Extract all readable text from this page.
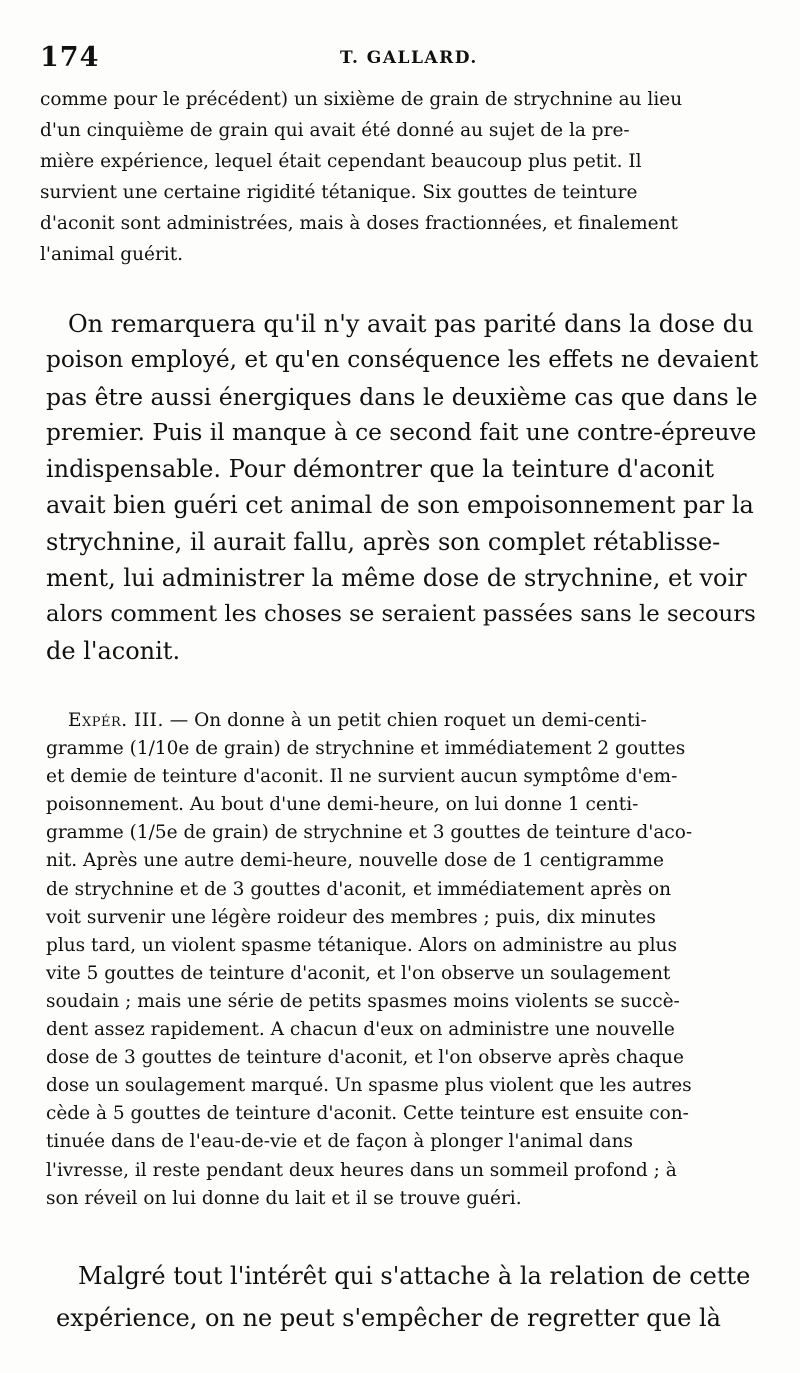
174	T. GALLARD.
comme pour le précédent) un sixième de grain de strychnine au lieu
d'un cinquième de grain qui avait été donné au sujet de la pre-
mière expérience, lequel était cependant beaucoup plus petit. Il
survient une certaine rigidité tétanique. Six gouttes de teinture
d'aconit sont administrées, mais à doses fractionnées, et finalement
l'animal guérit.
On remarquera qu'il n'y avait pas parité dans la dose du
poison employé, et qu'en conséquence les effets ne devaient
pas être aussi énergiques dans le deuxième cas que dans le
premier. Puis il manque à ce second fait une contre-épreuve
indispensable. Pour démontrer que la teinture d'aconit
avait bien guéri cet animal de son empoisonnement par la
strychnine, il aurait fallu, après son complet rétablisse-
ment, lui administrer la même dose de strychnine, et voir
alors comment les choses se seraient passées sans le secours
de l'aconit.
Expér. III. — On donne à un petit chien roquet un demi-centi-
gramme (1/10e de grain) de strychnine et immédiatement 2 gouttes
et demie de teinture d'aconit. Il ne survient aucun symptôme d'em-
poisonnement. Au bout d'une demi-heure, on lui donne 1 centi-
gramme (1/5e de grain) de strychnine et 3 gouttes de teinture d'aco-
nit. Après une autre demi-heure, nouvelle dose de 1 centigramme
de strychnine et de 3 gouttes d'aconit, et immédiatement après on
voit survenir une légère roideur des membres ; puis, dix minutes
plus tard, un violent spasme tétanique. Alors on administre au plus
vite 5 gouttes de teinture d'aconit, et l'on observe un soulagement
soudain ; mais une série de petits spasmes moins violents se succè-
dent assez rapidement. A chacun d'eux on administre une nouvelle
dose de 3 gouttes de teinture d'aconit, et l'on observe après chaque
dose un soulagement marqué. Un spasme plus violent que les autres
cède à 5 gouttes de teinture d'aconit. Cette teinture est ensuite con-
tinuée dans de l'eau-de-vie et de façon à plonger l'animal dans
l'ivresse, il reste pendant deux heures dans un sommeil profond ; à
son réveil on lui donne du lait et il se trouve guéri.
Malgré tout l'intérêt qui s'attache à la relation de cette
expérience, on ne peut s'empêcher de regretter que là
